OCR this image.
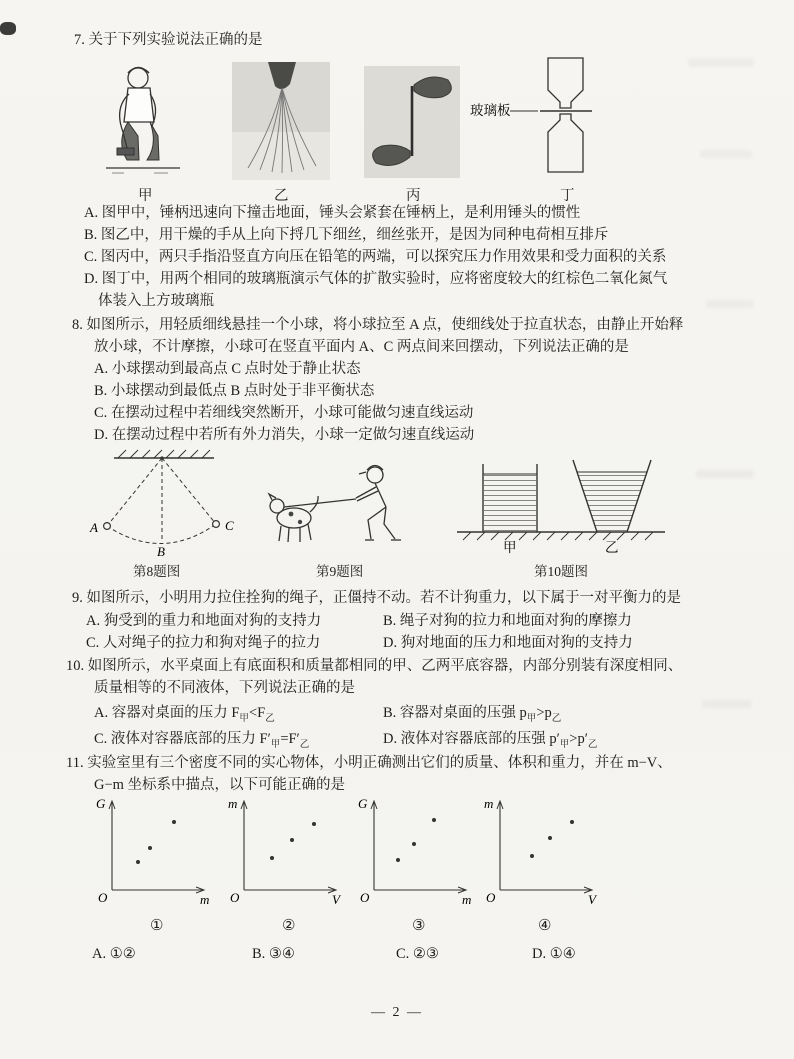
7. 关于下列实验说法正确的是
玻璃板
甲	乙	丙	丁
A. 图甲中，锤柄迅速向下撞击地面，锤头会紧套在锤柄上，是利用锤头的惯性
B. 图乙中，用干燥的手从上向下捋几下细丝，细丝张开，是因为同种电荷相互排斥
C. 图丙中，两只手指沿竖直方向压在铅笔的两端，可以探究压力作用效果和受力面积的关系
D. 图丁中，用两个相同的玻璃瓶演示气体的扩散实验时，应将密度较大的红棕色二氧化氮气
体装入上方玻璃瓶
8. 如图所示，用轻质细线悬挂一个小球，将小球拉至 A 点，使细线处于拉直状态，由静止开始释
放小球，不计摩擦，小球可在竖直平面内 A、C 两点间来回摆动，下列说法正确的是
A. 小球摆动到最高点 C 点时处于静止状态
B. 小球摆动到最低点 B 点时处于非平衡状态
C. 在摆动过程中若细线突然断开，小球可能做匀速直线运动
D. 在摆动过程中若所有外力消失，小球一定做匀速直线运动
A
B
C
第8题图	第9题图
甲	乙
第10题图
9. 如图所示，小明用力拉住拴狗的绳子，正僵持不动。若不计狗重力，以下属于一对平衡力的是
A. 狗受到的重力和地面对狗的支持力	B. 绳子对狗的拉力和地面对狗的摩擦力
C. 人对绳子的拉力和狗对绳子的拉力	D. 狗对地面的压力和地面对狗的支持力
10. 如图所示，水平桌面上有底面积和质量都相同的甲、乙两平底容器，内部分别装有深度相同、
质量相等的不同液体，下列说法正确的是
A. 容器对桌面的压力 $F_甲<F_乙$	B. 容器对桌面的压强 $p_甲>p_乙$
C. 液体对容器底部的压力 $F'_甲=F'_乙$	D. 液体对容器底部的压强 $p'_甲>p'_乙$
11. 实验室里有三个密度不同的实心物体，小明正确测出它们的质量、体积和重力，并在 m−V、
G−m 坐标系中描点，以下可能正确的是
G
m
O
m
V
O
G
m
O
m
V
O
①	②	③	④
A. ①②	B. ③④	C. ②③	D. ①④
— 2 —
